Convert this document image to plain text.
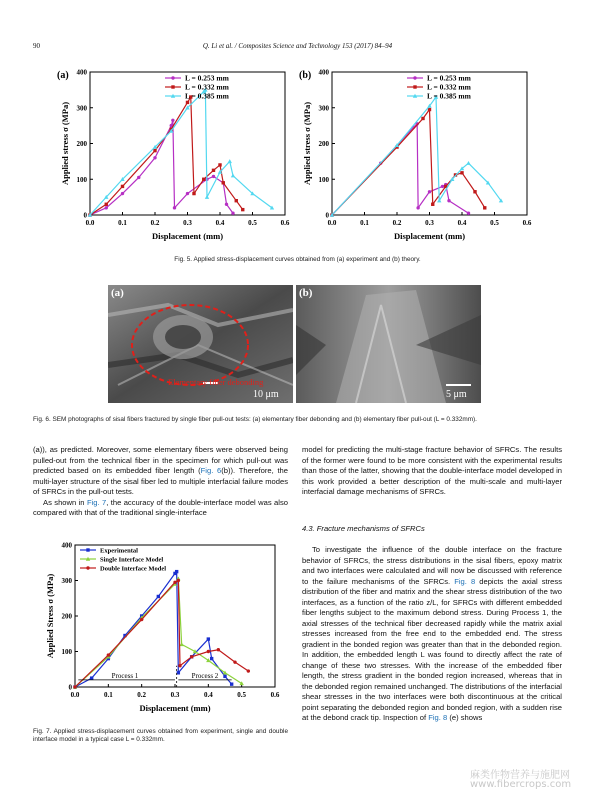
90	Q. Li et al. / Composites Science and Technology 153 (2017) 84–94
0.0	0.1	0.2	0.3	0.4	0.5	0.6
0
100
200
300
400
Displacement (mm)
Applied stress σ (MPa)
(a)	L = 0.253 mm
L = 0.332 mm
L = 0.385 mm
0.0	0.1	0.2	0.3	0.4	0.5	0.6
0
100
200
300
400
Displacement (mm)
Applied stress σ (MPa)
(b)	L = 0.253 mm
L = 0.332 mm
L = 0.385 mm
Fig. 5. Applied stress-displacement curves obtained from (a) experiment and (b) theory.
(a)
Elementary fiber debonding
10 μm
(b)
5 μm
Fig. 6. SEM photographs of sisal fibers fractured by single fiber pull-out tests: (a) elementary fiber debonding and (b) elementary fiber pull-out (L = 0.332mm).

(a)), as predicted. Moreover, some elementary fibers were observed being pulled-out from the technical fiber in the specimen for which pull-out was predicted based on its embedded fiber length (Fig. 6(b)). Therefore, the multi-layer structure of the sisal fiber led to multiple interfacial failure modes of SFRCs in the pull-out tests.

As shown in Fig. 7, the accuracy of the double-interface model was also compared with that of the traditional single-interface

0.0	0.1	0.2	0.3	0.4	0.5	0.6
0
100
200
300
400
Displacement (mm)
Applied Stress σ (MPa)
Experimental
Single Interface Model
Double Interface Model
Process 1	Process 2
Fig. 7. Applied stress-displacement curves obtained from experiment, single and double interface model in a typical case L = 0.332mm.
model for predicting the multi-stage fracture behavior of SFRCs. The results of the former were found to be more consistent with the experimental results than those of the latter, showing that the double-interface model developed in this work provided a better description of the multi-scale and multi-layer interfacial damage mechanisms of SFRCs.
4.3. Fracture mechanisms of SFRCs

To investigate the influence of the double interface on the fracture behavior of SFRCs, the stress distributions in the sisal fibers, epoxy matrix and two interfaces were calculated and will now be discussed with reference to the failure mechanisms of the SFRCs. Fig. 8 depicts the axial stress distribution of the fiber and matrix and the shear stress distribution of the two interfaces, as a function of the ratio z/L, for SFRCs with different embedded fiber lengths subject to the maximum debond stress. During Process 1, the axial stresses of the technical fiber decreased rapidly while the matrix axial stresses increased from the free end to the embedded end. The stress gradient in the bonded region was greater than that in the debonded region. In addition, the embedded length L was found to directly affect the rate of change of these two stresses. With the increase of the embedded fiber length, the stress gradient in the bonded region increased, whereas that in the debonded region remained unchanged. The distributions of the interfacial shear stresses in the two interfaces were both discontinuous at the critical point separating the debonded region and bonded region, with a sudden rise at the debond crack tip. Inspection of Fig. 8 (e) shows

麻类作物营养与施肥网
www.fibercrops.com
